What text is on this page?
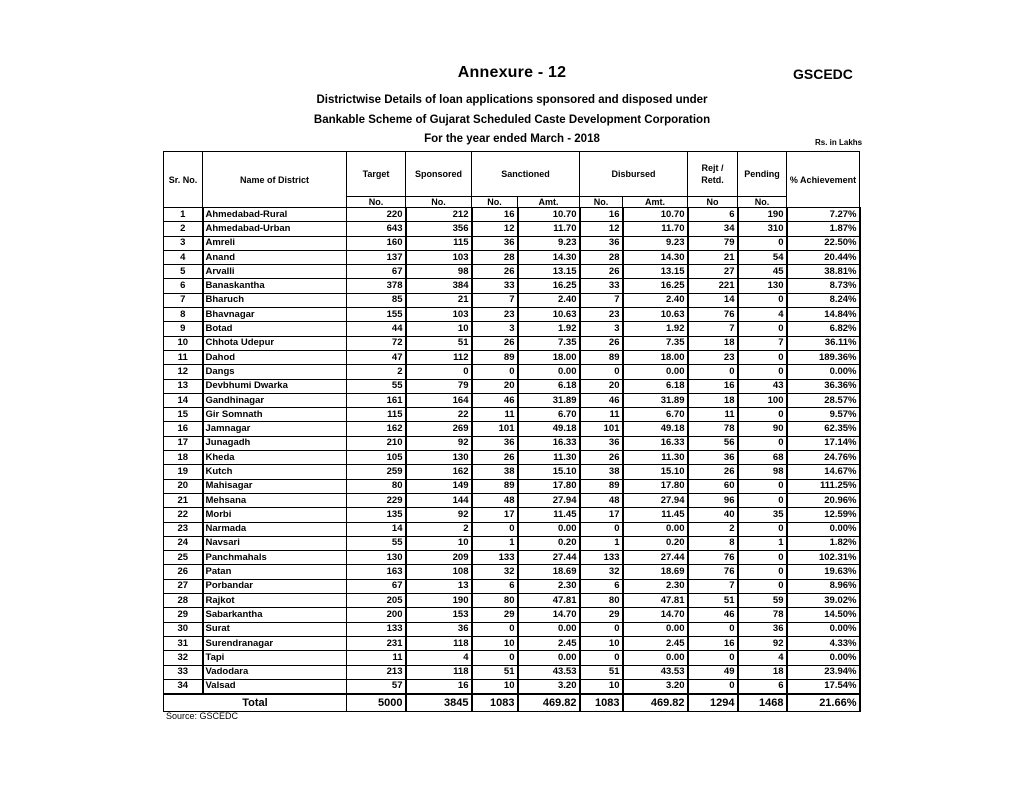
Annexure - 12	GSCEDC
Districtwise Details of loan applications sponsored and disposed under
Bankable Scheme of Gujarat Scheduled Caste Development Corporation
For the year ended March - 2018	Rs. in Lakhs
Sr. No.	Name of District	Target	Sponsored	Sanctioned		Disbursed		Rejt / Retd.	Pending	% Achievement
		No.	No.	No.	Amt.	No.	Amt.	No	No.	
1	Ahmedabad-Rural	220	212	16	10.70	16	10.70	6	190	7.27%
2	Ahmedabad-Urban	643	356	12	11.70	12	11.70	34	310	1.87%
3	Amreli	160	115	36	9.23	36	9.23	79	0	22.50%
4	Anand	137	103	28	14.30	28	14.30	21	54	20.44%
5	Arvalli	67	98	26	13.15	26	13.15	27	45	38.81%
6	Banaskantha	378	384	33	16.25	33	16.25	221	130	8.73%
7	Bharuch	85	21	7	2.40	7	2.40	14	0	8.24%
8	Bhavnagar	155	103	23	10.63	23	10.63	76	4	14.84%
9	Botad	44	10	3	1.92	3	1.92	7	0	6.82%
10	Chhota Udepur	72	51	26	7.35	26	7.35	18	7	36.11%
11	Dahod	47	112	89	18.00	89	18.00	23	0	189.36%
12	Dangs	2	0	0	0.00	0	0.00	0	0	0.00%
13	Devbhumi Dwarka	55	79	20	6.18	20	6.18	16	43	36.36%
14	Gandhinagar	161	164	46	31.89	46	31.89	18	100	28.57%
15	Gir Somnath	115	22	11	6.70	11	6.70	11	0	9.57%
16	Jamnagar	162	269	101	49.18	101	49.18	78	90	62.35%
17	Junagadh	210	92	36	16.33	36	16.33	56	0	17.14%
18	Kheda	105	130	26	11.30	26	11.30	36	68	24.76%
19	Kutch	259	162	38	15.10	38	15.10	26	98	14.67%
20	Mahisagar	80	149	89	17.80	89	17.80	60	0	111.25%
21	Mehsana	229	144	48	27.94	48	27.94	96	0	20.96%
22	Morbi	135	92	17	11.45	17	11.45	40	35	12.59%
23	Narmada	14	2	0	0.00	0	0.00	2	0	0.00%
24	Navsari	55	10	1	0.20	1	0.20	8	1	1.82%
25	Panchmahals	130	209	133	27.44	133	27.44	76	0	102.31%
26	Patan	163	108	32	18.69	32	18.69	76	0	19.63%
27	Porbandar	67	13	6	2.30	6	2.30	7	0	8.96%
28	Rajkot	205	190	80	47.81	80	47.81	51	59	39.02%
29	Sabarkantha	200	153	29	14.70	29	14.70	46	78	14.50%
30	Surat	133	36	0	0.00	0	0.00	0	36	0.00%
31	Surendranagar	231	118	10	2.45	10	2.45	16	92	4.33%
32	Tapi	11	4	0	0.00	0	0.00	0	4	0.00%
33	Vadodara	213	118	51	43.53	51	43.53	49	18	23.94%
34	Valsad	57	16	10	3.20	10	3.20	0	6	17.54%
Total		5000	3845	1083	469.82	1083	469.82	1294	1468	21.66%
Source: GSCEDC
